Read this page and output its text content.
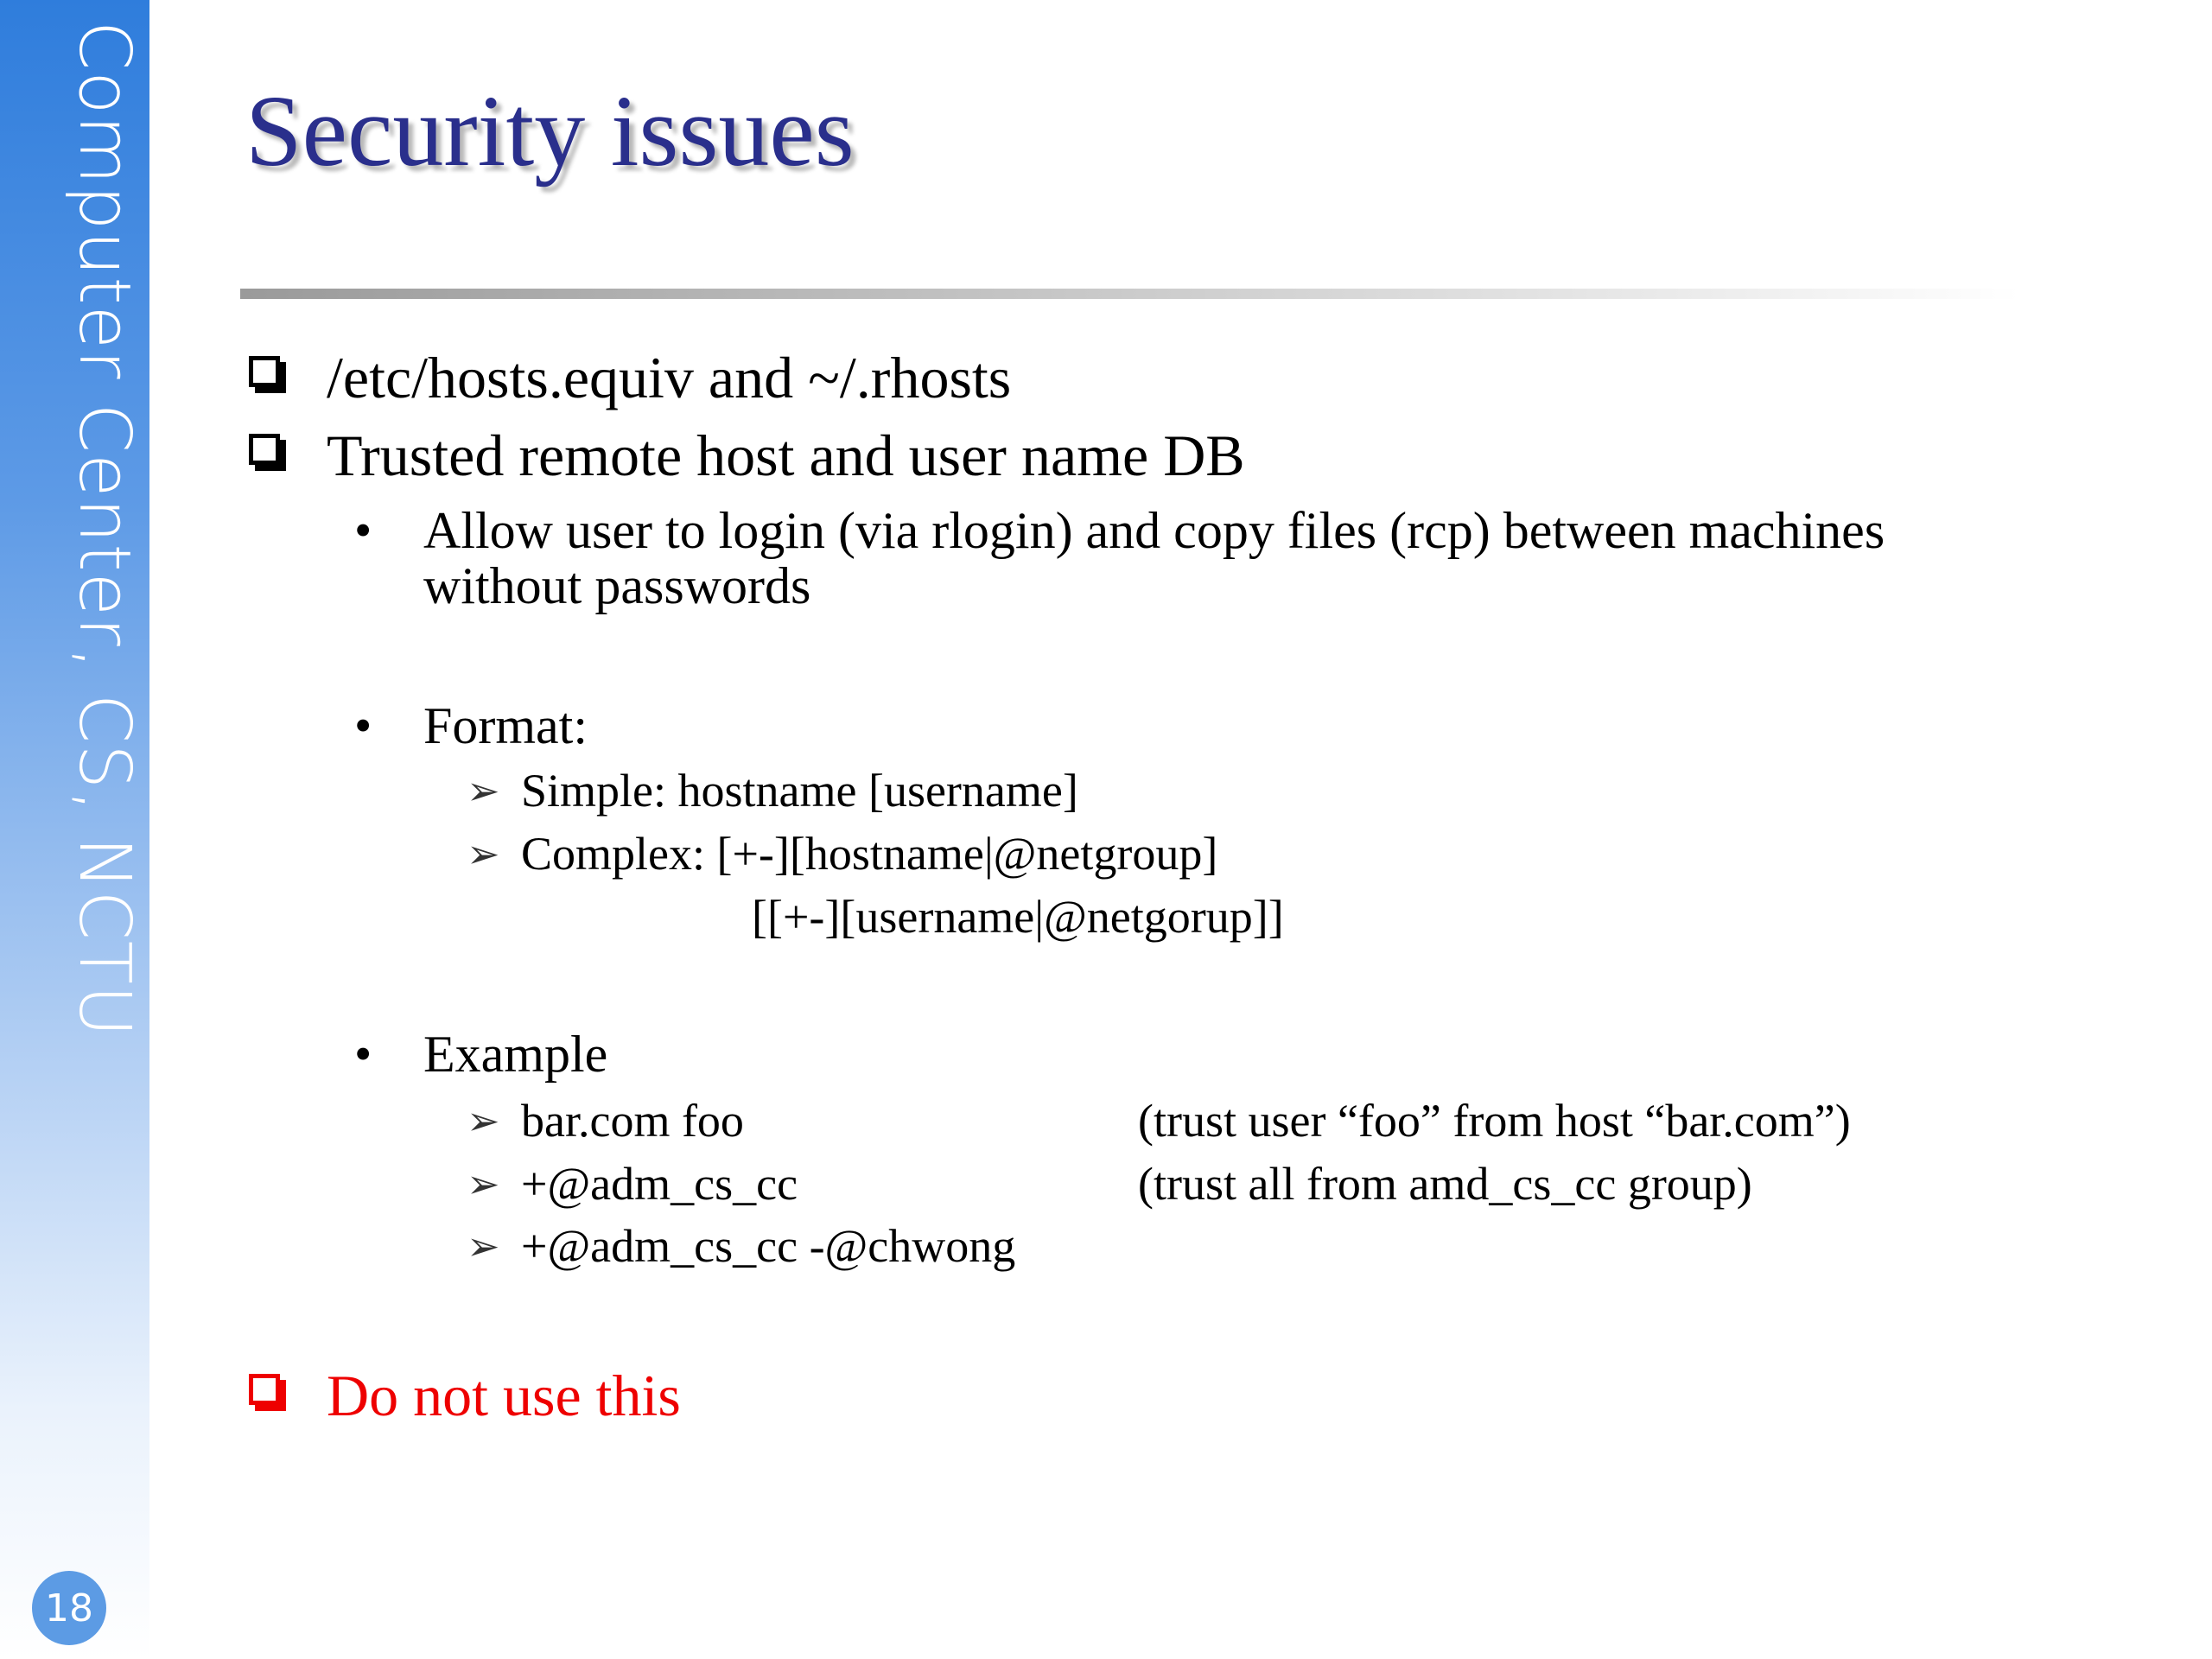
Computer Center, CS, NCTU
18
Security issues
/etc/hosts.equiv and ~/.rhosts
Trusted remote host and user name DB
• Allow user to login (via rlogin) and copy files (rcp) between machines
without passwords
• Format:
➢ Simple: hostname [username]
➢ Complex: [+-][hostname|@netgroup]
[[+-][username|@netgorup]]
• Example
➢ bar.com foo	(trust user “foo” from host “bar.com”)
➢ +@adm_cs_cc	(trust all from amd_cs_cc group)
➢ +@adm_cs_cc -@chwong
Do not use this
